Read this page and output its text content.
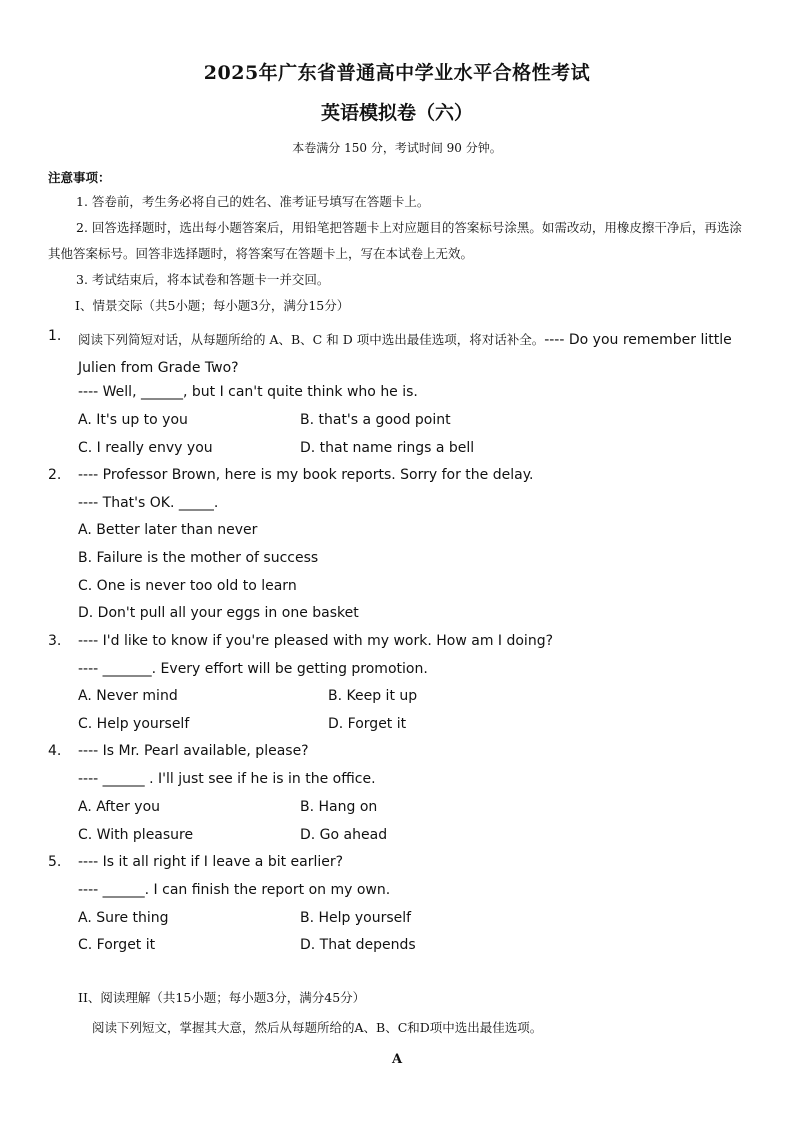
2025年广东省普通高中学业水平合格性考试
英语模拟卷（六）
本卷满分 150 分，考试时间 90 分钟。
注意事项：
1. 答卷前，考生务必将自己的姓名、准考证号填写在答题卡上。
2. 回答选择题时，选出每小题答案后，用铅笔把答题卡上对应题目的答案标号涂黑。如需改动，用橡皮擦干净后，再选涂其他答案标号。回答非选择题时，将答案写在答题卡上，写在本试卷上无效。
3. 考试结束后，将本试卷和答题卡一并交回。
I、情景交际（共5小题；每小题3分，满分15分）
1. 阅读下列简短对话，从每题所给的 A、B、C 和 D 项中选出最佳选项，将对话补全。---- Do you remember little Julien from Grade Two?
---- Well, ______, but I can't quite think who he is.
A. It's up to you	B. that's a good point
C. I really envy you	D. that name rings a bell
2. ---- Professor Brown, here is my book reports. Sorry for the delay.
---- That's OK. _____.
A. Better later than never
B. Failure is the mother of success
C. One is never too old to learn
D. Don't pull all your eggs in one basket
3. ---- I'd like to know if you're pleased with my work. How am I doing?
---- _______. Every effort will be getting promotion.
A. Never mind	B. Keep it up
C. Help yourself	D. Forget it
4. ---- Is Mr. Pearl available, please?
---- ______ . I'll just see if he is in the office.
A. After you	B. Hang on
C. With pleasure	D. Go ahead
5. ---- Is it all right if I leave a bit earlier?
---- ______. I can finish the report on my own.
A. Sure thing	B. Help yourself
C. Forget it	D. That depends
II、阅读理解（共15小题；每小题3分，满分45分）
阅读下列短文，掌握其大意，然后从每题所给的A、B、C和D项中选出最佳选项。
A
